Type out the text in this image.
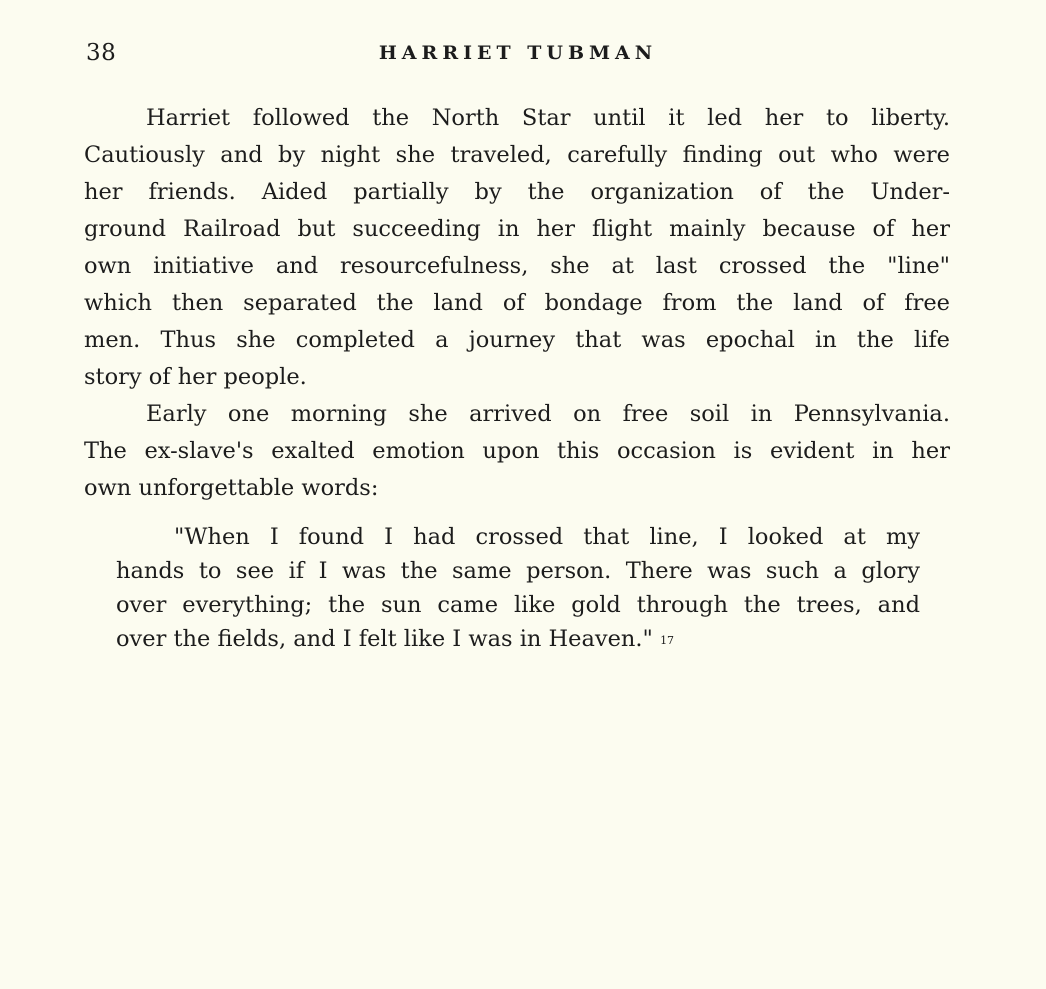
38	HARRIET TUBMAN
Harriet followed the North Star until it led her to liberty.
Cautiously and by night she traveled, carefully finding out who were
her friends. Aided partially by the organization of the Under-
ground Railroad but succeeding in her flight mainly because of her
own initiative and resourcefulness, she at last crossed the "line"
which then separated the land of bondage from the land of free
men. Thus she completed a journey that was epochal in the life
story of her people.
Early one morning she arrived on free soil in Pennsylvania.
The ex-slave's exalted emotion upon this occasion is evident in her
own unforgettable words:
"When I found I had crossed that line, I looked at my
hands to see if I was the same person. There was such a glory
over everything; the sun came like gold through the trees, and
over the fields, and I felt like I was in Heaven." $^{17}$
